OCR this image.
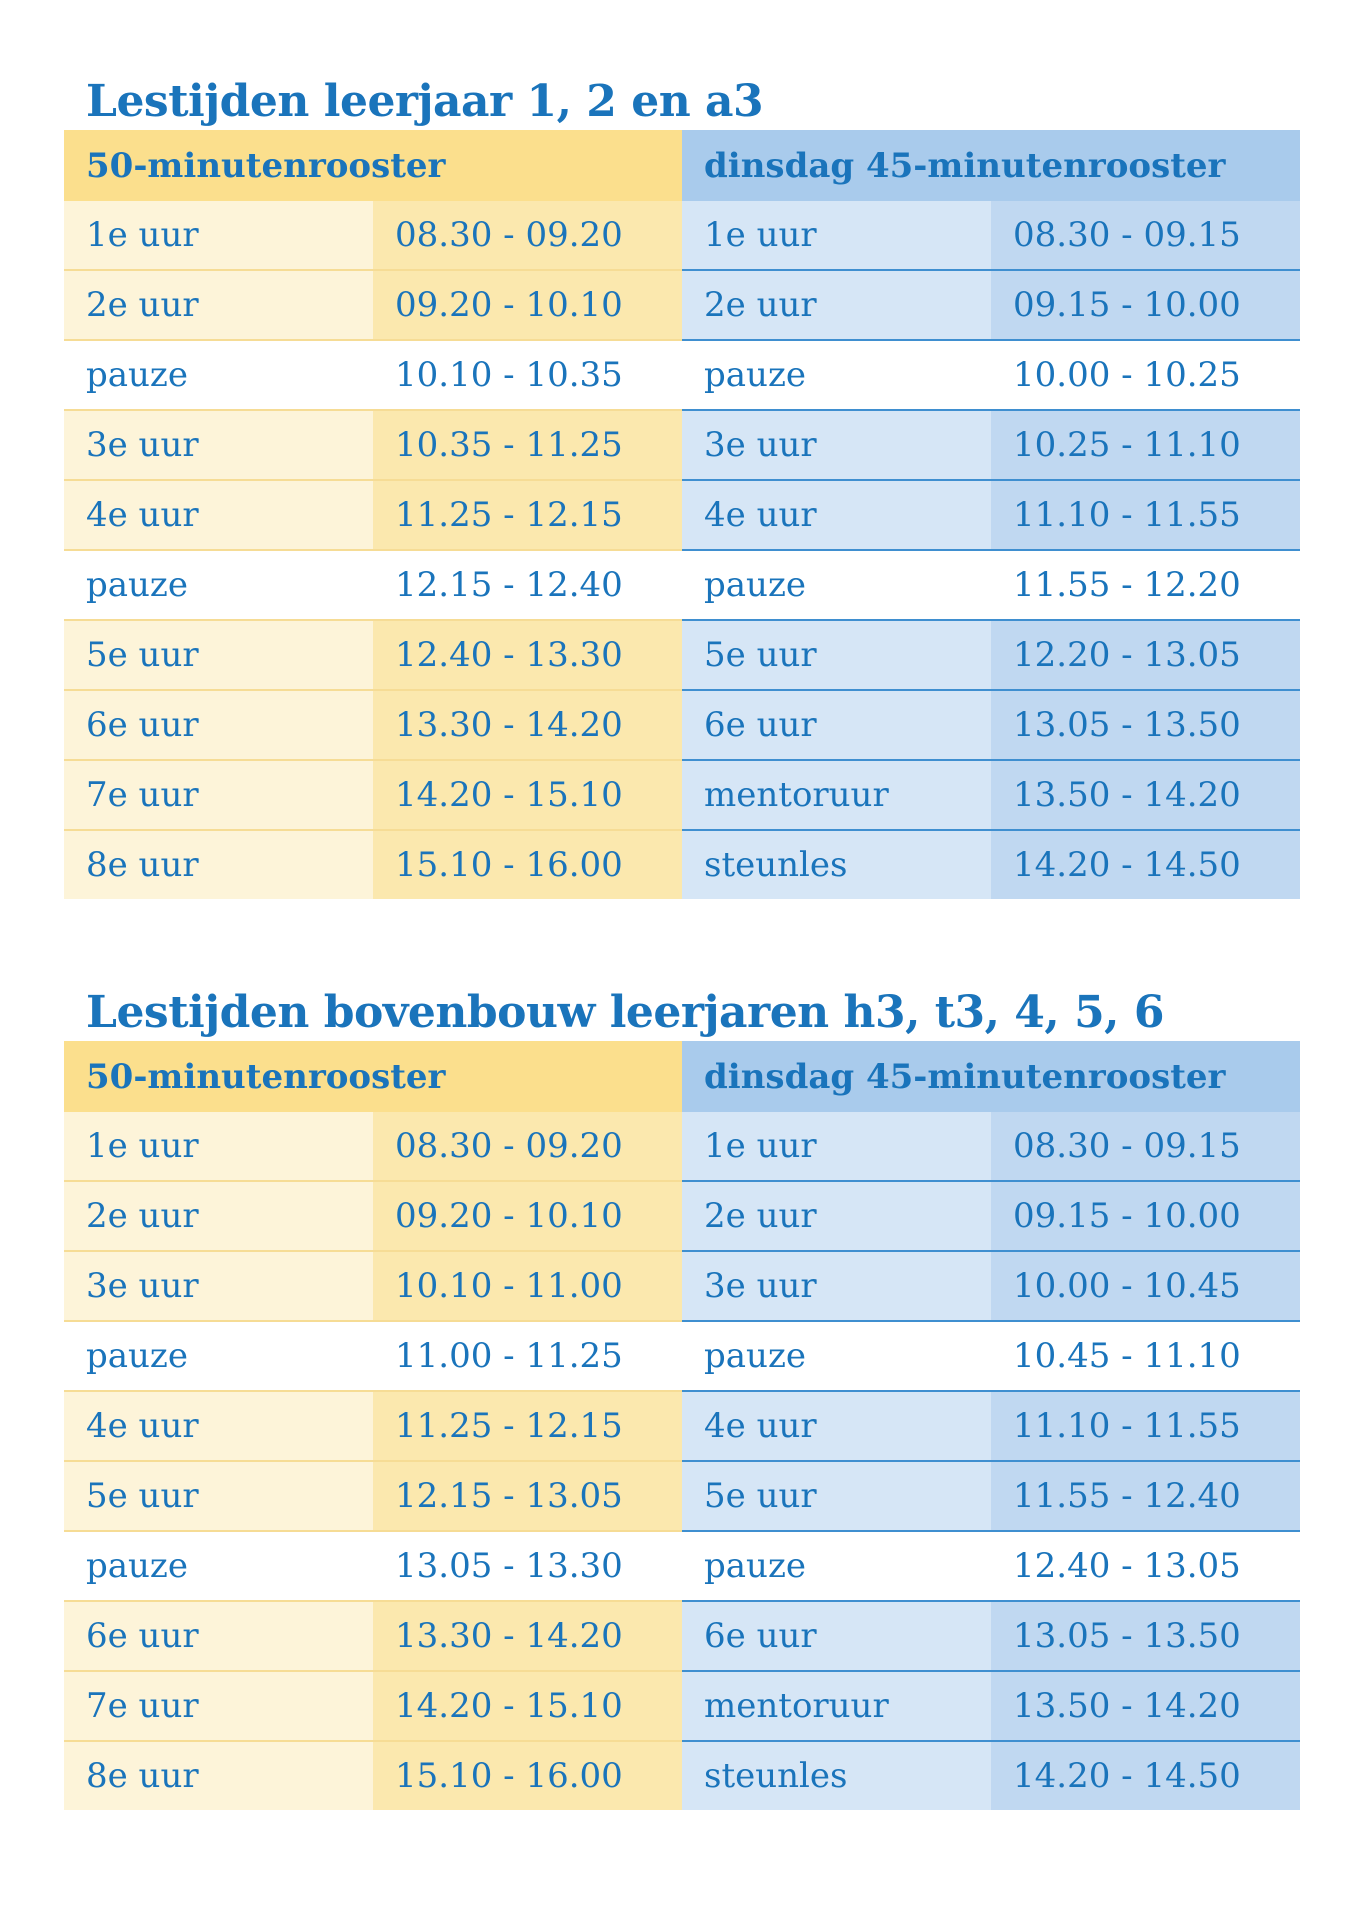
Lestijden leerjaar 1, 2 en a3
50-minutenrooster		dinsdag 45-minutenrooster	
1e uur	08.30 - 09.20	1e uur	08.30 - 09.15
2e uur	09.20 - 10.10	2e uur	09.15 - 10.00
pauze	10.10 - 10.35	pauze	10.00 - 10.25
3e uur	10.35 - 11.25	3e uur	10.25 - 11.10
4e uur	11.25 - 12.15	4e uur	11.10 - 11.55
pauze	12.15 - 12.40	pauze	11.55 - 12.20
5e uur	12.40 - 13.30	5e uur	12.20 - 13.05
6e uur	13.30 - 14.20	6e uur	13.05 - 13.50
7e uur	14.20 - 15.10	mentoruur	13.50 - 14.20
8e uur	15.10 - 16.00	steunles	14.20 - 14.50
Lestijden bovenbouw leerjaren h3, t3, 4, 5, 6
50-minutenrooster		dinsdag 45-minutenrooster	
1e uur	08.30 - 09.20	1e uur	08.30 - 09.15
2e uur	09.20 - 10.10	2e uur	09.15 - 10.00
3e uur	10.10 - 11.00	3e uur	10.00 - 10.45
pauze	11.00 - 11.25	pauze	10.45 - 11.10
4e uur	11.25 - 12.15	4e uur	11.10 - 11.55
5e uur	12.15 - 13.05	5e uur	11.55 - 12.40
pauze	13.05 - 13.30	pauze	12.40 - 13.05
6e uur	13.30 - 14.20	6e uur	13.05 - 13.50
7e uur	14.20 - 15.10	mentoruur	13.50 - 14.20
8e uur	15.10 - 16.00	steunles	14.20 - 14.50
